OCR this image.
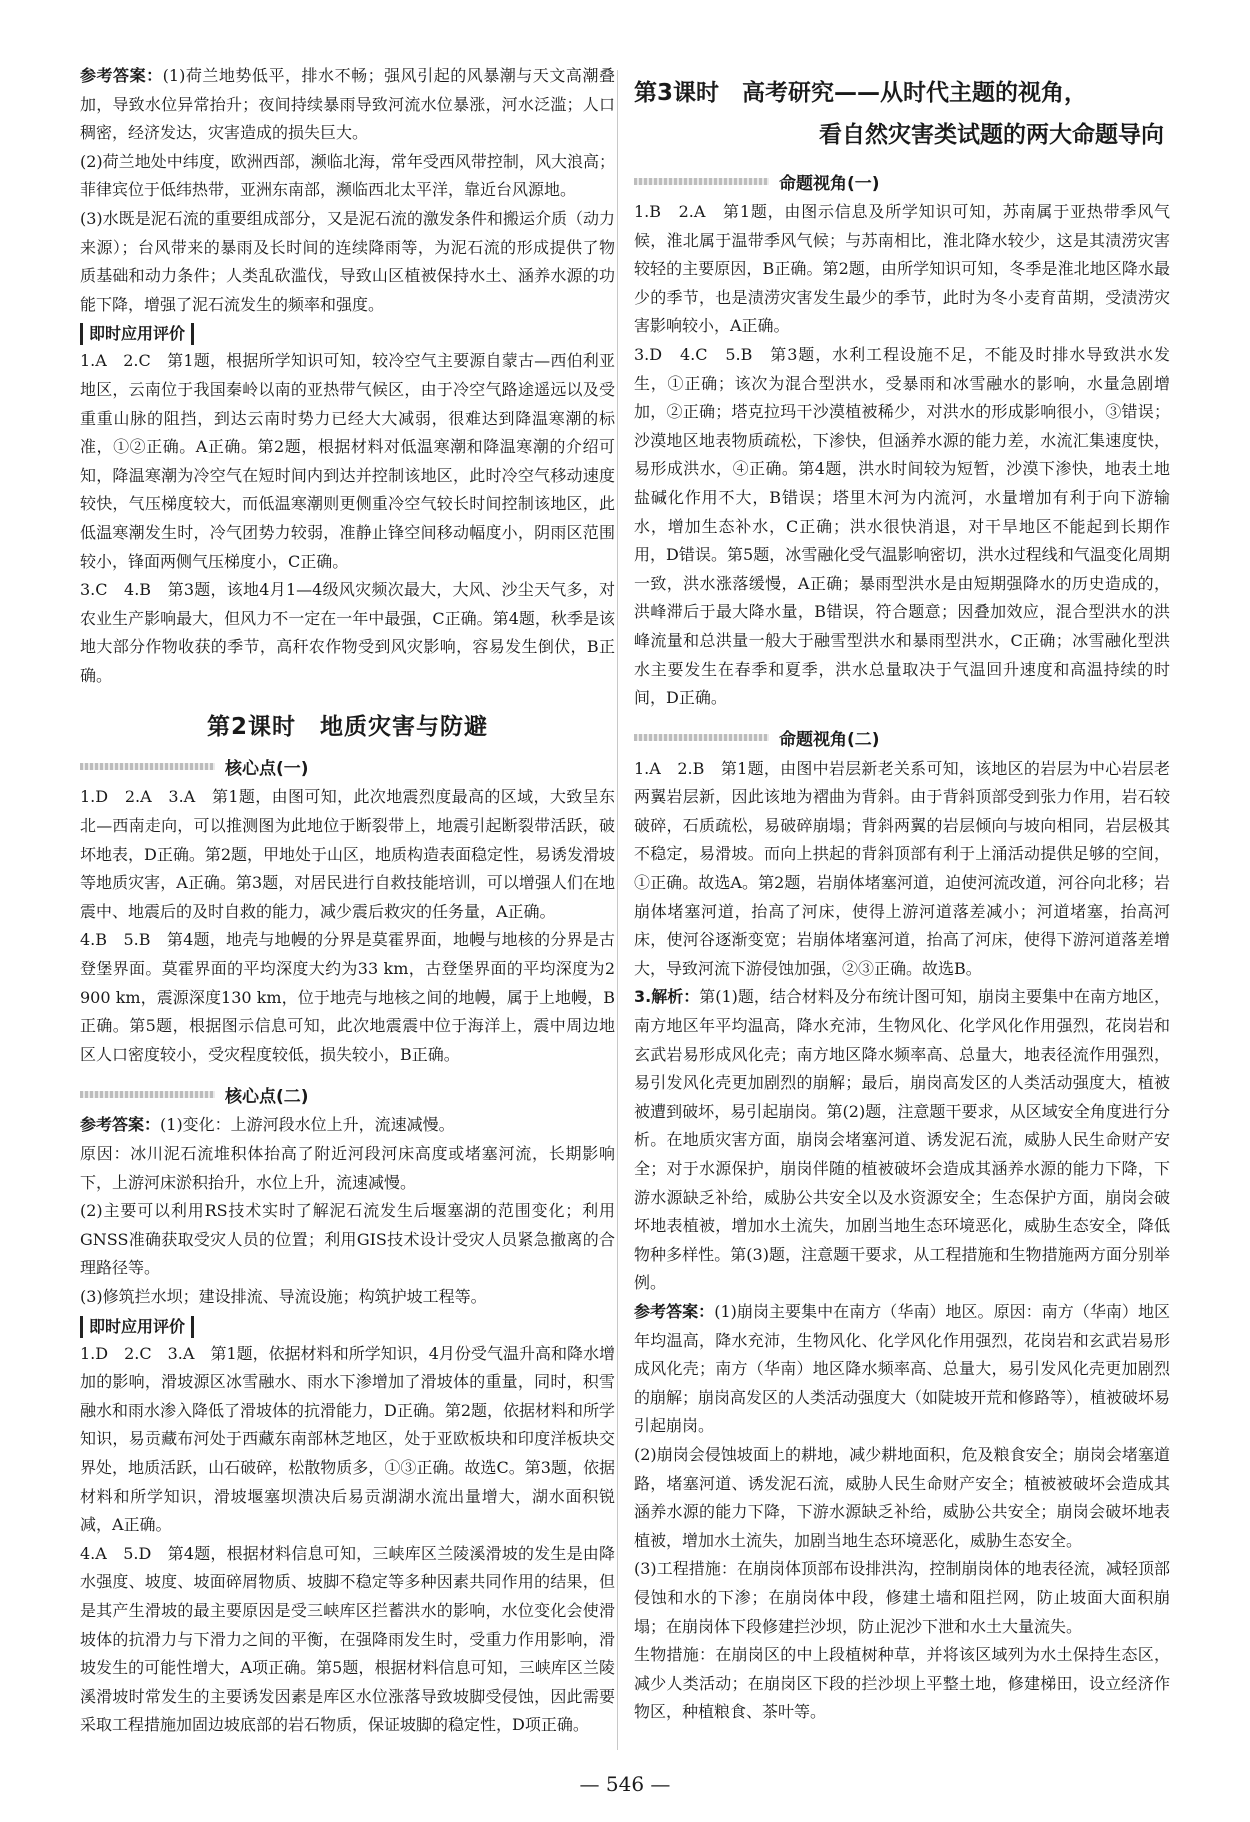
参考答案：(1)荷兰地势低平，排水不畅；强风引起的风暴潮与天文高潮叠加，导致水位异常抬升；夜间持续暴雨导致河流水位暴涨，河水泛滥；人口稠密，经济发达，灾害造成的损失巨大。

(2)荷兰地处中纬度，欧洲西部，濒临北海，常年受西风带控制，风大浪高；菲律宾位于低纬热带，亚洲东南部，濒临西北太平洋，靠近台风源地。

(3)水既是泥石流的重要组成部分，又是泥石流的激发条件和搬运介质（动力来源）；台风带来的暴雨及长时间的连续降雨等，为泥石流的形成提供了物质基础和动力条件；人类乱砍滥伐，导致山区植被保持水土、涵养水源的功能下降，增强了泥石流发生的频率和强度。

即时应用评价

1.A　2.C　第1题，根据所学知识可知，较冷空气主要源自蒙古—西伯利亚地区，云南位于我国秦岭以南的亚热带气候区，由于冷空气路途遥远以及受重重山脉的阻挡，到达云南时势力已经大大减弱，很难达到降温寒潮的标准，①②正确。A正确。第2题，根据材料对低温寒潮和降温寒潮的介绍可知，降温寒潮为冷空气在短时间内到达并控制该地区，此时冷空气移动速度较快，气压梯度较大，而低温寒潮则更侧重冷空气较长时间控制该地区，此低温寒潮发生时，冷气团势力较弱，准静止锋空间移动幅度小，阴雨区范围较小，锋面两侧气压梯度小，C正确。

3.C　4.B　第3题，该地4月1—4级风灾频次最大，大风、沙尘天气多，对农业生产影响最大，但风力不一定在一年中最强，C正确。第4题，秋季是该地大部分作物收获的季节，高秆农作物受到风灾影响，容易发生倒伏，B正确。

第2课时　地质灾害与防避
核心点(一)

1.D　2.A　3.A　第1题，由图可知，此次地震烈度最高的区域，大致呈东北—西南走向，可以推测图为此地位于断裂带上，地震引起断裂带活跃，破坏地表，D正确。第2题，甲地处于山区，地质构造表面稳定性，易诱发滑坡等地质灾害，A正确。第3题，对居民进行自救技能培训，可以增强人们在地震中、地震后的及时自救的能力，减少震后救灾的任务量，A正确。

4.B　5.B　第4题，地壳与地幔的分界是莫霍界面，地幔与地核的分界是古登堡界面。莫霍界面的平均深度大约为33 km，古登堡界面的平均深度为2 900 km，震源深度130 km，位于地壳与地核之间的地幔，属于上地幔，B正确。第5题，根据图示信息可知，此次地震震中位于海洋上，震中周边地区人口密度较小，受灾程度较低，损失较小，B正确。

核心点(二)

参考答案：(1)变化：上游河段水位上升，流速减慢。

原因：冰川泥石流堆积体抬高了附近河段河床高度或堵塞河流，长期影响下，上游河床淤积抬升，水位上升，流速减慢。

(2)主要可以利用RS技术实时了解泥石流发生后堰塞湖的范围变化；利用GNSS准确获取受灾人员的位置；利用GIS技术设计受灾人员紧急撤离的合理路径等。

(3)修筑拦水坝；建设排流、导流设施；构筑护坡工程等。

即时应用评价

1.D　2.C　3.A　第1题，依据材料和所学知识，4月份受气温升高和降水增加的影响，滑坡源区冰雪融水、雨水下渗增加了滑坡体的重量，同时，积雪融水和雨水渗入降低了滑坡体的抗滑能力，D正确。第2题，依据材料和所学知识，易贡藏布河处于西藏东南部林芝地区，处于亚欧板块和印度洋板块交界处，地质活跃，山石破碎，松散物质多，①③正确。故选C。第3题，依据材料和所学知识，滑坡堰塞坝溃决后易贡湖湖水流出量增大，湖水面积锐减，A正确。

4.A　5.D　第4题，根据材料信息可知，三峡库区兰陵溪滑坡的发生是由降水强度、坡度、坡面碎屑物质、坡脚不稳定等多种因素共同作用的结果，但是其产生滑坡的最主要原因是受三峡库区拦蓄洪水的影响，水位变化会使滑坡体的抗滑力与下滑力之间的平衡，在强降雨发生时，受重力作用影响，滑坡发生的可能性增大，A项正确。第5题，根据材料信息可知，三峡库区兰陵溪滑坡时常发生的主要诱发因素是库区水位涨落导致坡脚受侵蚀，因此需要采取工程措施加固边坡底部的岩石物质，保证坡脚的稳定性，D项正确。

第3课时　高考研究——从时代主题的视角，
看自然灾害类试题的两大命题导向
命题视角(一)

1.B　2.A　第1题，由图示信息及所学知识可知，苏南属于亚热带季风气候，淮北属于温带季风气候；与苏南相比，淮北降水较少，这是其渍涝灾害较轻的主要原因，B正确。第2题，由所学知识可知，冬季是淮北地区降水最少的季节，也是渍涝灾害发生最少的季节，此时为冬小麦育苗期，受渍涝灾害影响较小，A正确。

3.D　4.C　5.B　第3题，水利工程设施不足，不能及时排水导致洪水发生，①正确；该次为混合型洪水，受暴雨和冰雪融水的影响，水量急剧增加，②正确；塔克拉玛干沙漠植被稀少，对洪水的形成影响很小，③错误；沙漠地区地表物质疏松，下渗快，但涵养水源的能力差，水流汇集速度快，易形成洪水，④正确。第4题，洪水时间较为短暂，沙漠下渗快，地表土地盐碱化作用不大，B错误；塔里木河为内流河，水量增加有利于向下游输水，增加生态补水，C正确；洪水很快消退，对干旱地区不能起到长期作用，D错误。第5题，冰雪融化受气温影响密切，洪水过程线和气温变化周期一致，洪水涨落缓慢，A正确；暴雨型洪水是由短期强降水的历史造成的，洪峰滞后于最大降水量，B错误，符合题意；因叠加效应，混合型洪水的洪峰流量和总洪量一般大于融雪型洪水和暴雨型洪水，C正确；冰雪融化型洪水主要发生在春季和夏季，洪水总量取决于气温回升速度和高温持续的时间，D正确。

命题视角(二)

1.A　2.B　第1题，由图中岩层新老关系可知，该地区的岩层为中心岩层老两翼岩层新，因此该地为褶曲为背斜。由于背斜顶部受到张力作用，岩石较破碎，石质疏松，易破碎崩塌；背斜两翼的岩层倾向与坡向相同，岩层极其不稳定，易滑坡。而向上拱起的背斜顶部有利于上涌活动提供足够的空间，①正确。故选A。第2题，岩崩体堵塞河道，迫使河流改道，河谷向北移；岩崩体堵塞河道，抬高了河床，使得上游河道落差减小；河道堵塞，抬高河床，使河谷逐渐变宽；岩崩体堵塞河道，抬高了河床，使得下游河道落差增大，导致河流下游侵蚀加强，②③正确。故选B。

3.解析：第(1)题，结合材料及分布统计图可知，崩岗主要集中在南方地区，南方地区年平均温高，降水充沛，生物风化、化学风化作用强烈，花岗岩和玄武岩易形成风化壳；南方地区降水频率高、总量大，地表径流作用强烈，易引发风化壳更加剧烈的崩解；最后，崩岗高发区的人类活动强度大，植被被遭到破坏，易引起崩岗。第(2)题，注意题干要求，从区域安全角度进行分析。在地质灾害方面，崩岗会堵塞河道、诱发泥石流，威胁人民生命财产安全；对于水源保护，崩岗伴随的植被破坏会造成其涵养水源的能力下降，下游水源缺乏补给，威胁公共安全以及水资源安全；生态保护方面，崩岗会破坏地表植被，增加水土流失，加剧当地生态环境恶化，威胁生态安全，降低物种多样性。第(3)题，注意题干要求，从工程措施和生物措施两方面分别举例。

参考答案：(1)崩岗主要集中在南方（华南）地区。原因：南方（华南）地区年均温高，降水充沛，生物风化、化学风化作用强烈，花岗岩和玄武岩易形成风化壳；南方（华南）地区降水频率高、总量大，易引发风化壳更加剧烈的崩解；崩岗高发区的人类活动强度大（如陡坡开荒和修路等），植被破坏易引起崩岗。

(2)崩岗会侵蚀坡面上的耕地，减少耕地面积，危及粮食安全；崩岗会堵塞道路，堵塞河道、诱发泥石流，威胁人民生命财产安全；植被被破坏会造成其涵养水源的能力下降，下游水源缺乏补给，威胁公共安全；崩岗会破坏地表植被，增加水土流失，加剧当地生态环境恶化，威胁生态安全。

(3)工程措施：在崩岗体顶部布设排洪沟，控制崩岗体的地表径流，减轻顶部侵蚀和水的下渗；在崩岗体中段，修建土墙和阻拦网，防止坡面大面积崩塌；在崩岗体下段修建拦沙坝，防止泥沙下泄和水土大量流失。

生物措施：在崩岗区的中上段植树种草，并将该区域列为水土保持生态区，减少人类活动；在崩岗区下段的拦沙坝上平整土地，修建梯田，设立经济作物区，种植粮食、茶叶等。

— 546 —
